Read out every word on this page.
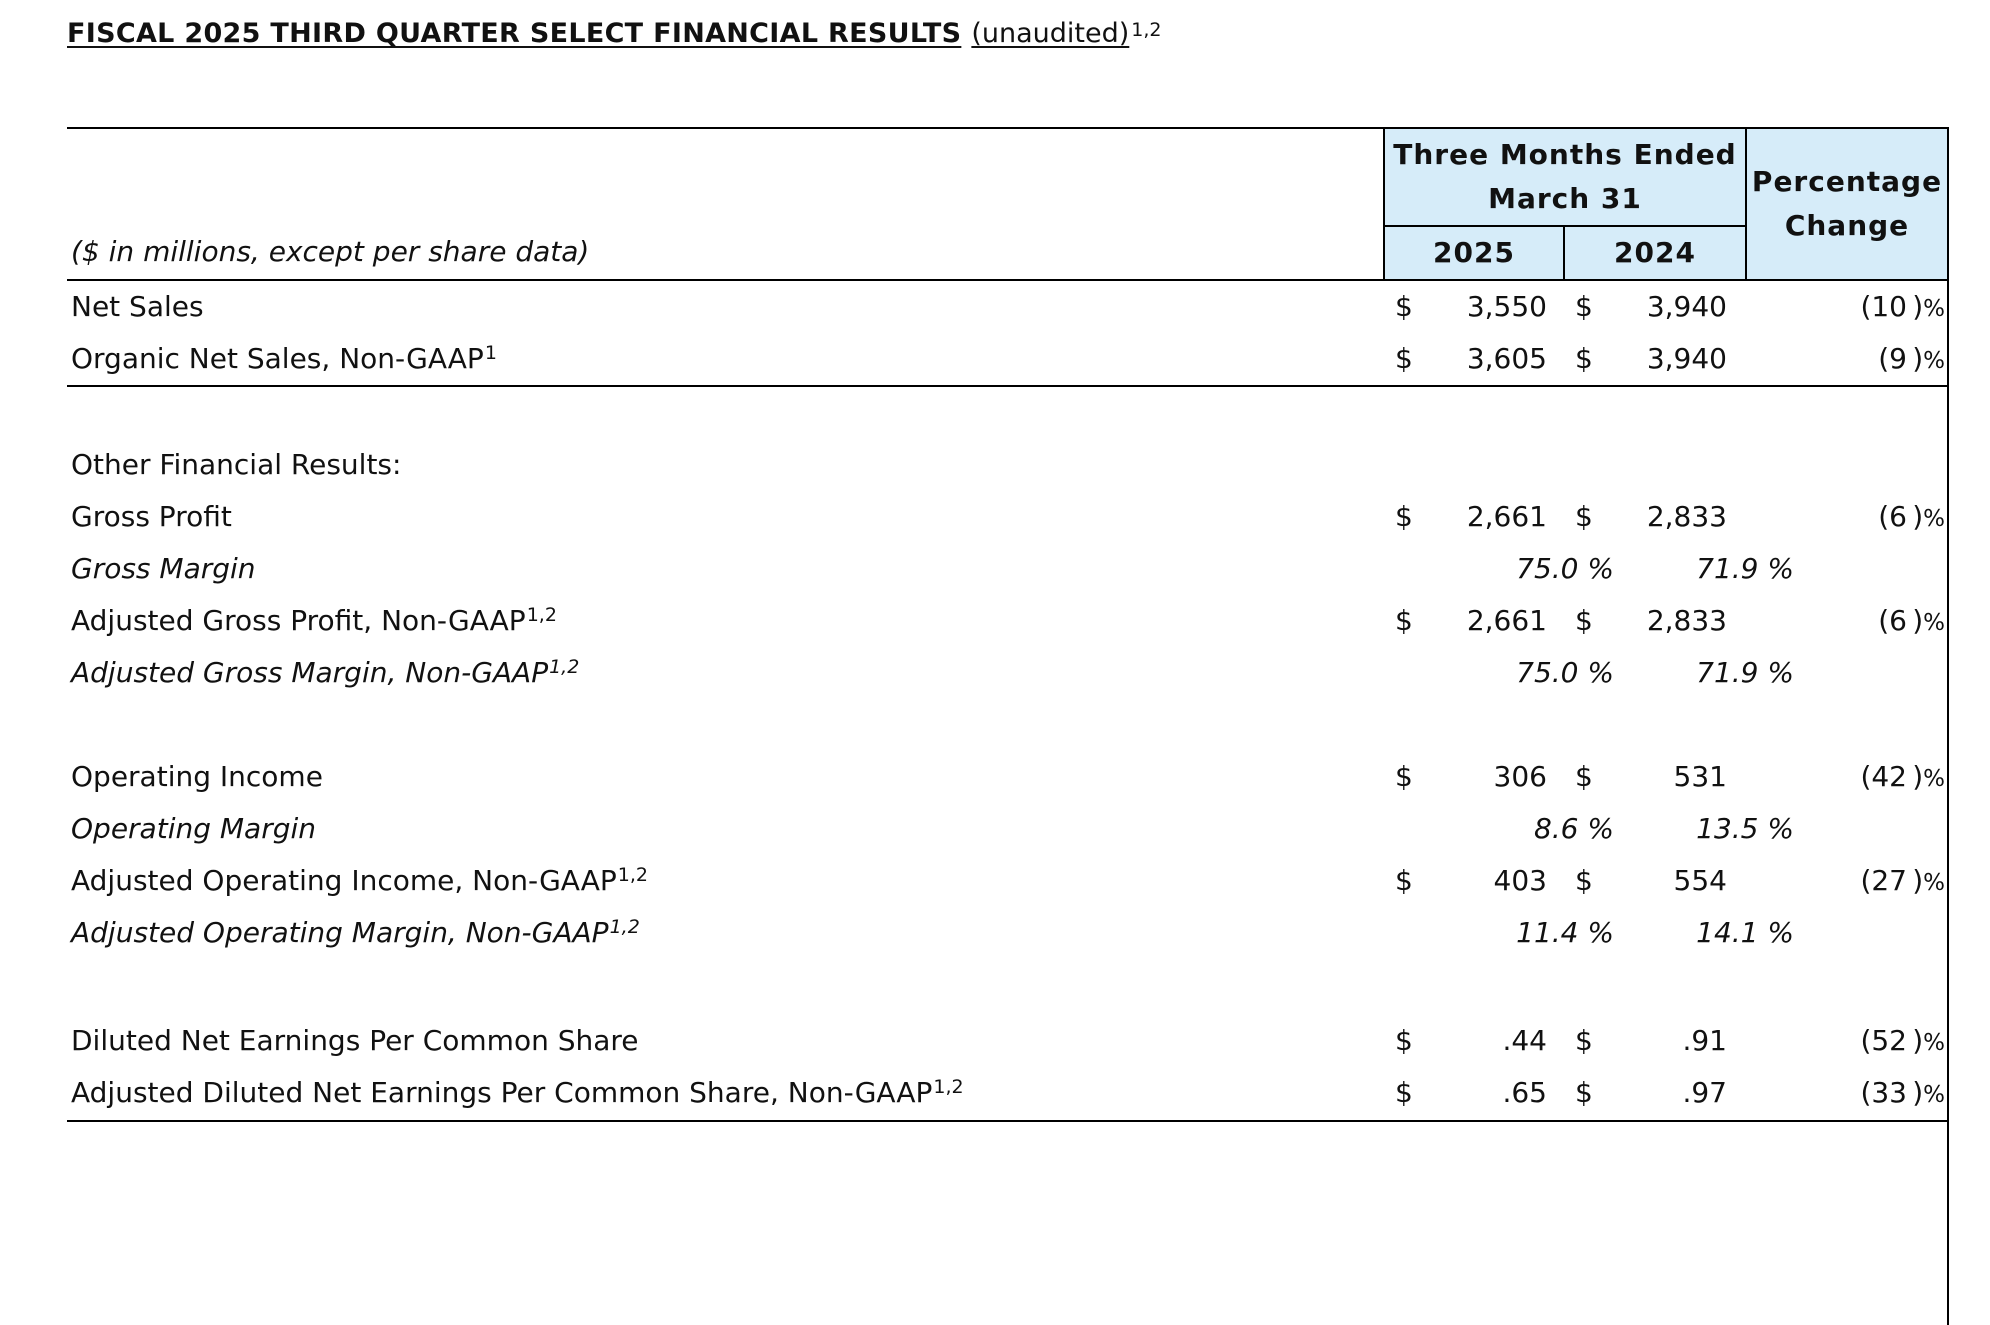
FISCAL 2025 THIRD QUARTER SELECT FINANCIAL RESULTS (unaudited) $^{1,2}$
($ in millions, except per share data)
Three Months Ended
March 31
2025	2024
Percentage
Change
Net Sales	$ 3,550 $ 3,940	(10 )%
Organic Net Sales, Non-GAAP$^1$	$ 3,605 $ 3,940	(9 )%
Other Financial Results:
Gross Profit	$ 2,661 $ 2,833	(6 )%
Gross Margin	75.0 %	71.9 %
Adjusted Gross Profit, Non-GAAP$^{1,2}$	$ 2,661 $ 2,833	(6 )%
Adjusted Gross Margin, Non-GAAP$^{1,2}$	75.0 %	71.9 %
Operating Income	$	306 $	531	(42 )%
Operating Margin	8.6 %	13.5 %
Adjusted Operating Income, Non-GAAP$^{1,2}$	$	403 $	554	(27 )%
Adjusted Operating Margin, Non-GAAP$^{1,2}$	11.4 %	14.1 %
Diluted Net Earnings Per Common Share	$	.44 $	.91	(52 )%
Adjusted Diluted Net Earnings Per Common Share, Non-GAAP$^{1,2}$	$	.65 $	.97	(33 )%
